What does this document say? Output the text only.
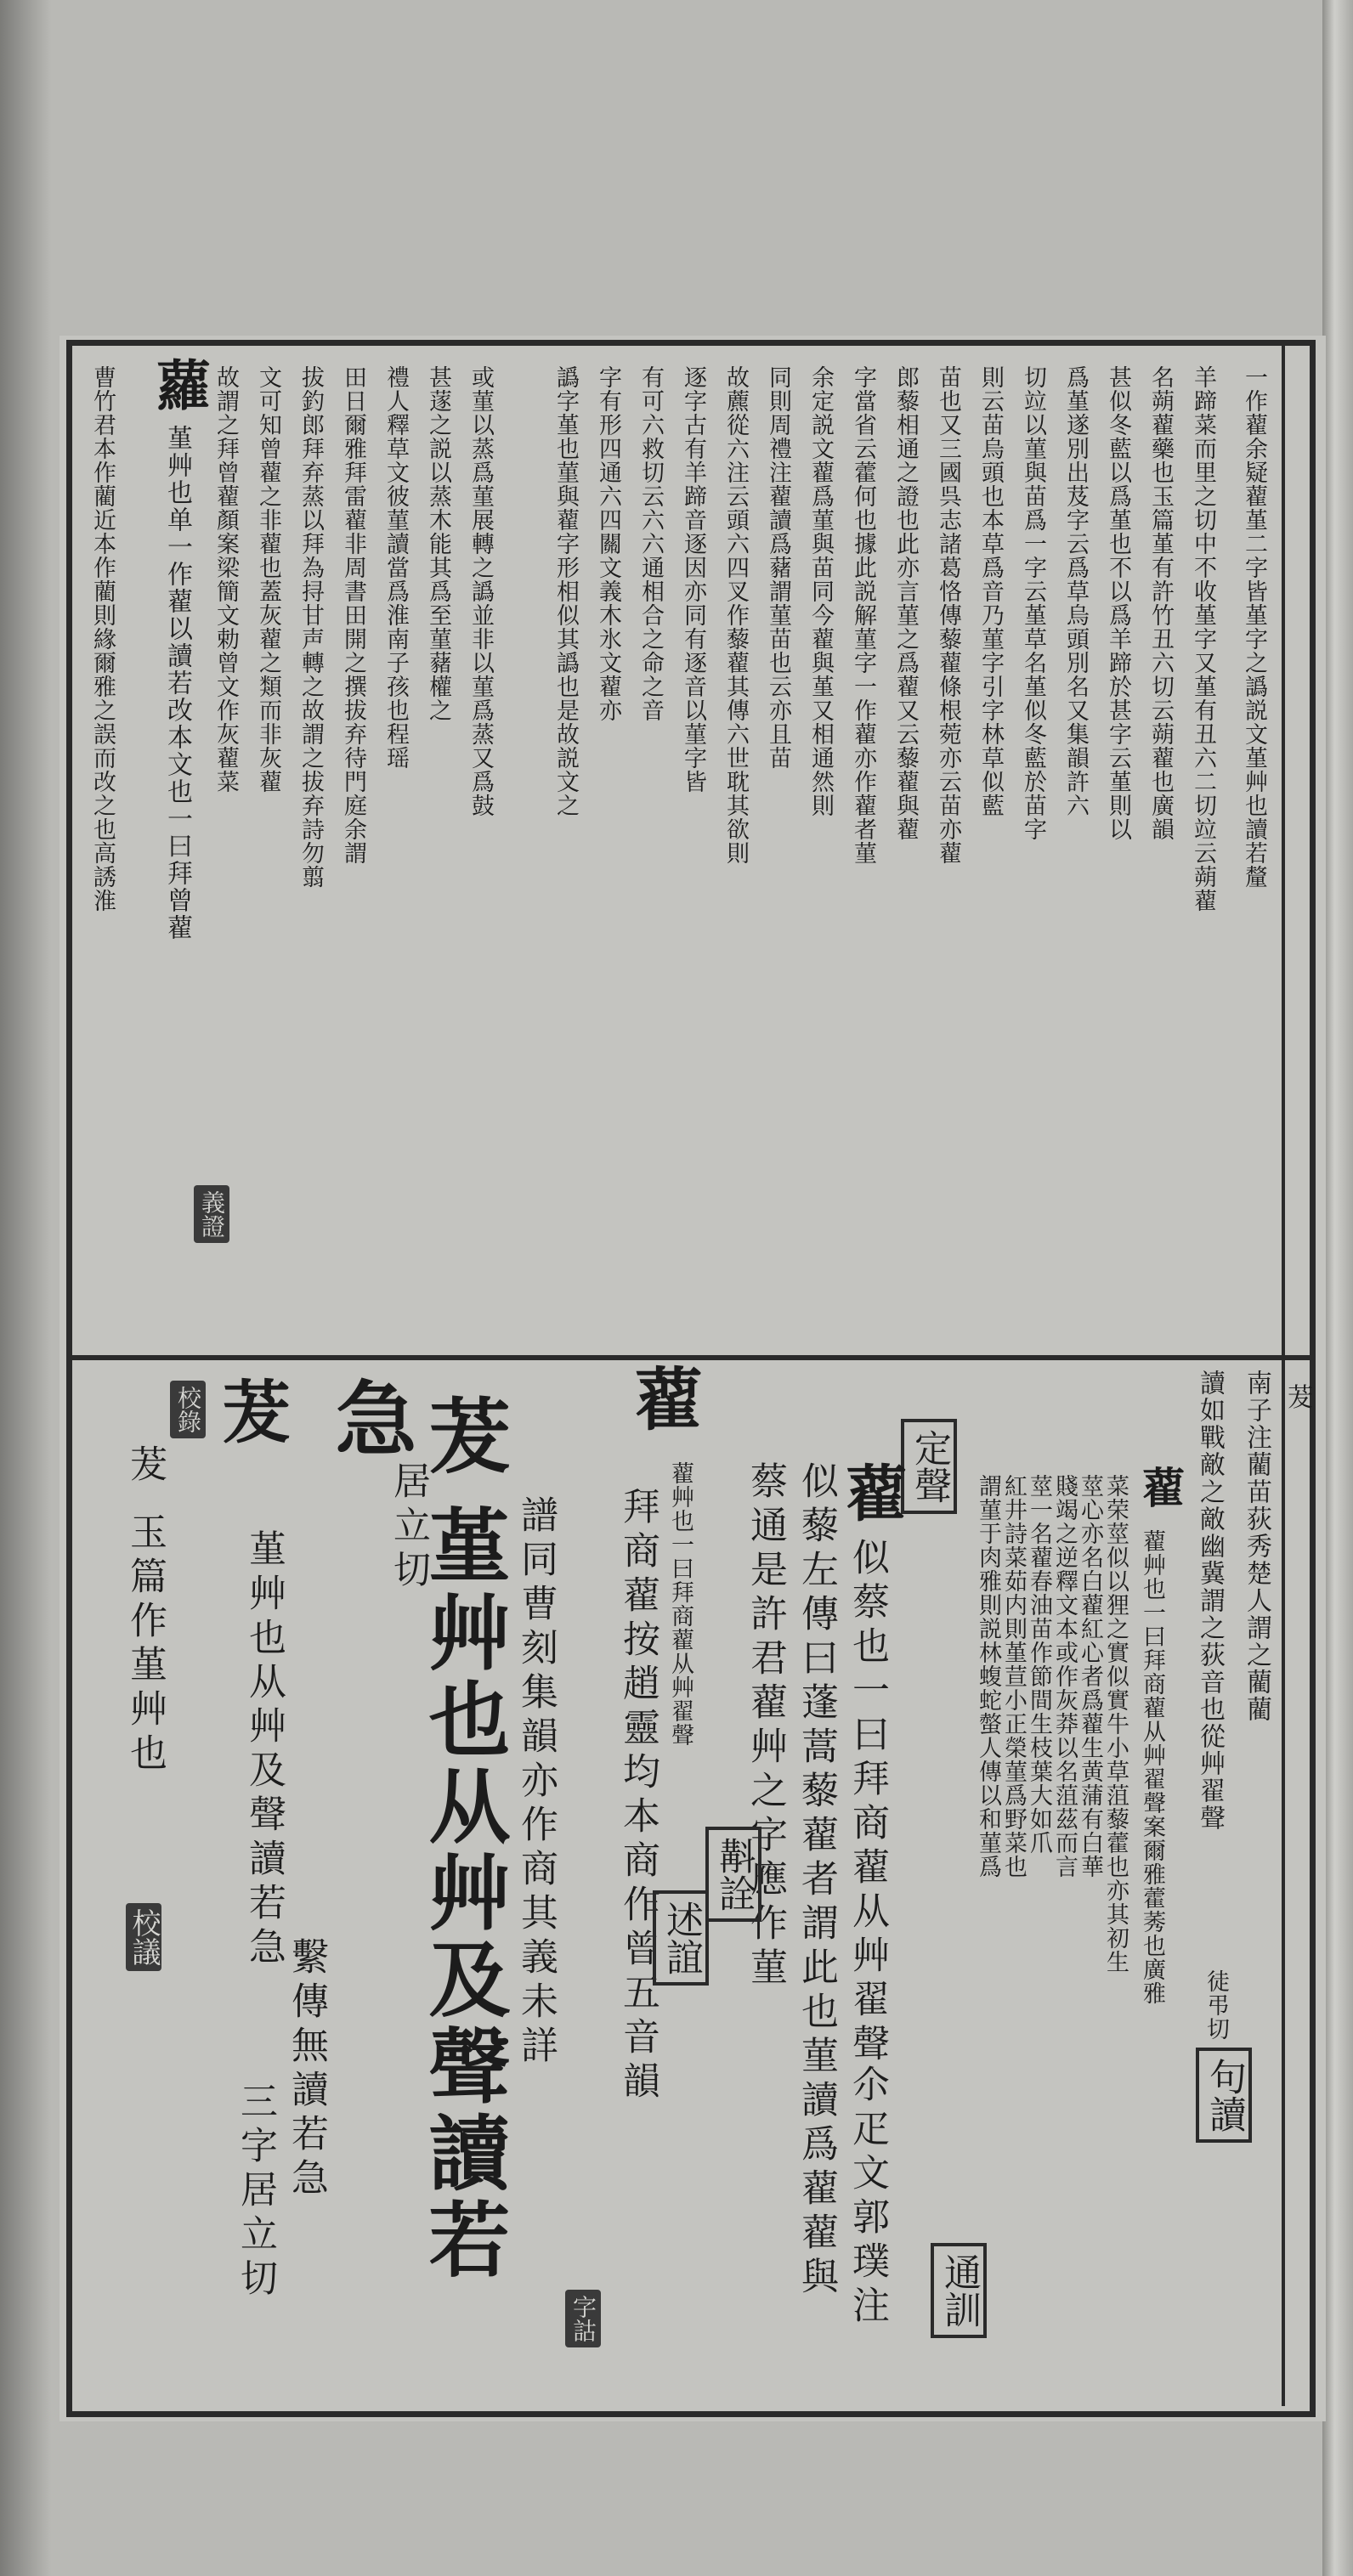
茇
一作藋余疑藋堇二字皆堇字之譌説文堇艸也讀若釐
羊蹄菜而里之切中不收堇字又堇有丑六二切竝云蒴藋
名蒴藋藥也玉篇堇有許竹丑六切云蒴藋也廣韻
甚似冬藍以爲堇也不以爲羊蹄於甚字云堇則以
爲堇遂別出芨字云爲草烏頭別名又集韻許六
切竝以菫與苗爲一字云堇草名堇似冬藍於苗字
則云苗烏頭也本草爲音乃菫字引字林草似藍
苗也又三國呉志諸葛恪傳藜藋條根菀亦云苗亦藋
郎藜相通之證也此亦言菫之爲藋又云藜藋與藋
字當省云藿何也據此説解菫字一作藋亦作藋者菫
余定説文藋爲菫與苗同今藋與堇又相通然則
同則周禮注藋讀爲藸謂菫苗也云亦且苗
故藨從六注云頭六四叉作藜藋其傳六世耽其欲則
逐字古有羊蹄音逐因亦同有逐音以菫字皆
有可六救切云六六通相合之命之音
字有形四通六四關文義木氷文藋亦
譌字堇也菫與藋字形相似其譌也是故説文之
或菫以蒸爲菫展轉之譌並非以菫爲蒸又爲鼓
甚蓫之説以蒸木能其爲至菫藸權之
禮人釋草文彼菫讀當爲淮南子孩也程瑶
田日爾雅拜雷藋非周書田開之撰拔弃待門庭余謂
拔釣郎拜弃蒸以拜為挦甘声轉之故謂之拔弃詩勿翦
文可知曾藋之非藋也蓋灰藋之類而非灰藋
故謂之拜曾藋顏案梁簡文勅曾文作灰藋菜
蘿
堇艸也单一作藋以讀若改本文也一曰拜曾藋
曹竹君本作藺近本作藺則緣爾雅之誤而改之也高誘淮
義證
南子注藺苗荻秀楚人謂之藺藺
讀如戰敵之敵幽冀謂之荻音也從艸翟聲
徒弔切
句讀
藋
藋艸也一曰拜商藋从艸翟聲案爾雅藿莠也廣雅
菜荣莖似以狸之實似實牛小草菹藜藿也亦其初生
莖心亦名白藋紅心者爲藋生黄蒲有白華
賤竭之逆釋文本或作灰莽以名菹茲而言
莖一名藋春油苗作節間生枝葉大如爪
紅井詩菜茹内則堇荁小正榮菫爲野菜也
謂菫于肉雅則説林蝮蛇螫人傳以和菫爲
通訓
定聲
藋
似蔡也一曰拜商藋从艸翟聲
尒疋文郭璞注
蔡通是許君藋艸之字應作菫 似藜左傳曰蓬蒿藜藋者謂此也菫讀爲藋藋與
斠詮
藋
拜商藋按趙靈均本商作曾五音韻 藋艸也一曰拜商藋从艸翟聲
述誼
譜同曹刻集韻亦作商其義未詳
字詁
茇
堇艸也从艸及聲讀若
急
居立切
茇
堇艸也从艸及聲讀若急
繫傳無讀若急
三字居立切
校錄
茇
玉篇作堇艸也
校議
